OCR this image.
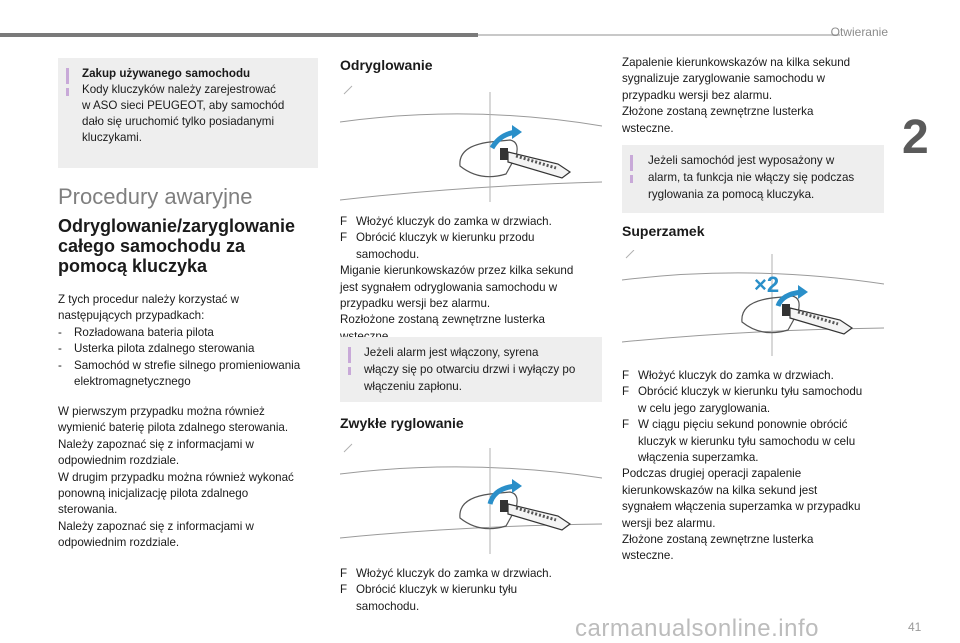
Otwieranie
2
41
Zakup używanego samochodu
Kody kluczyków należy zarejestrować
w ASO sieci PEUGEOT, aby samochód
dało się uruchomić tylko posiadanymi
kluczykami.
Procedury awaryjne
Odryglowanie/zaryglowanie
całego samochodu za
pomocą kluczyka

Z tych procedur należy korzystać w

następujących przypadkach:

- Rozładowana bateria pilota
- Usterka pilota zdalnego sterowania
- Samochód w strefie silnego promieniowania
elektromagnetycznego

W pierwszym przypadku można również

wymienić baterię pilota zdalnego sterowania.

Należy zapoznać się z informacjami w

odpowiednim rozdziale.

W drugim przypadku można również wykonać

ponowną inicjalizację pilota zdalnego

sterowania.

Należy zapoznać się z informacjami w

odpowiednim rozdziale.

Odryglowanie
F Włożyć kluczyk do zamka w drzwiach.
F Obrócić kluczyk w kierunku przodu
samochodu.

Miganie kierunkowskazów przez kilka sekund

jest sygnałem odryglowania samochodu w

przypadku wersji bez alarmu.

Rozłożone zostaną zewnętrzne lusterka

Jeżeli alarm jest włączony, syrena
włączy się po otwarciu drzwi i wyłączy po
włączeniu zapłonu.
Zwykłe ryglowanie
F Włożyć kluczyk do zamka w drzwiach.
F Obrócić kluczyk w kierunku tyłu
samochodu.

Zapalenie kierunkowskazów na kilka sekund

sygnalizuje zaryglowanie samochodu w

przypadku wersji bez alarmu.

Złożone zostaną zewnętrzne lusterka

wsteczne.

Jeżeli samochód jest wyposażony w
alarm, ta funkcja nie włączy się podczas
ryglowania za pomocą kluczyka.
Superzamek
×2
F Włożyć kluczyk do zamka w drzwiach.
F Obrócić kluczyk w kierunku tyłu samochodu
w celu jego zaryglowania.
F W ciągu pięciu sekund ponownie obrócić
kluczyk w kierunku tyłu samochodu w celu
włączenia superzamka.

Podczas drugiej operacji zapalenie

kierunkowskazów na kilka sekund jest

sygnałem włączenia superzamka w przypadku

wersji bez alarmu.

Złożone zostaną zewnętrzne lusterka

wsteczne.

carmanualsonline.info
